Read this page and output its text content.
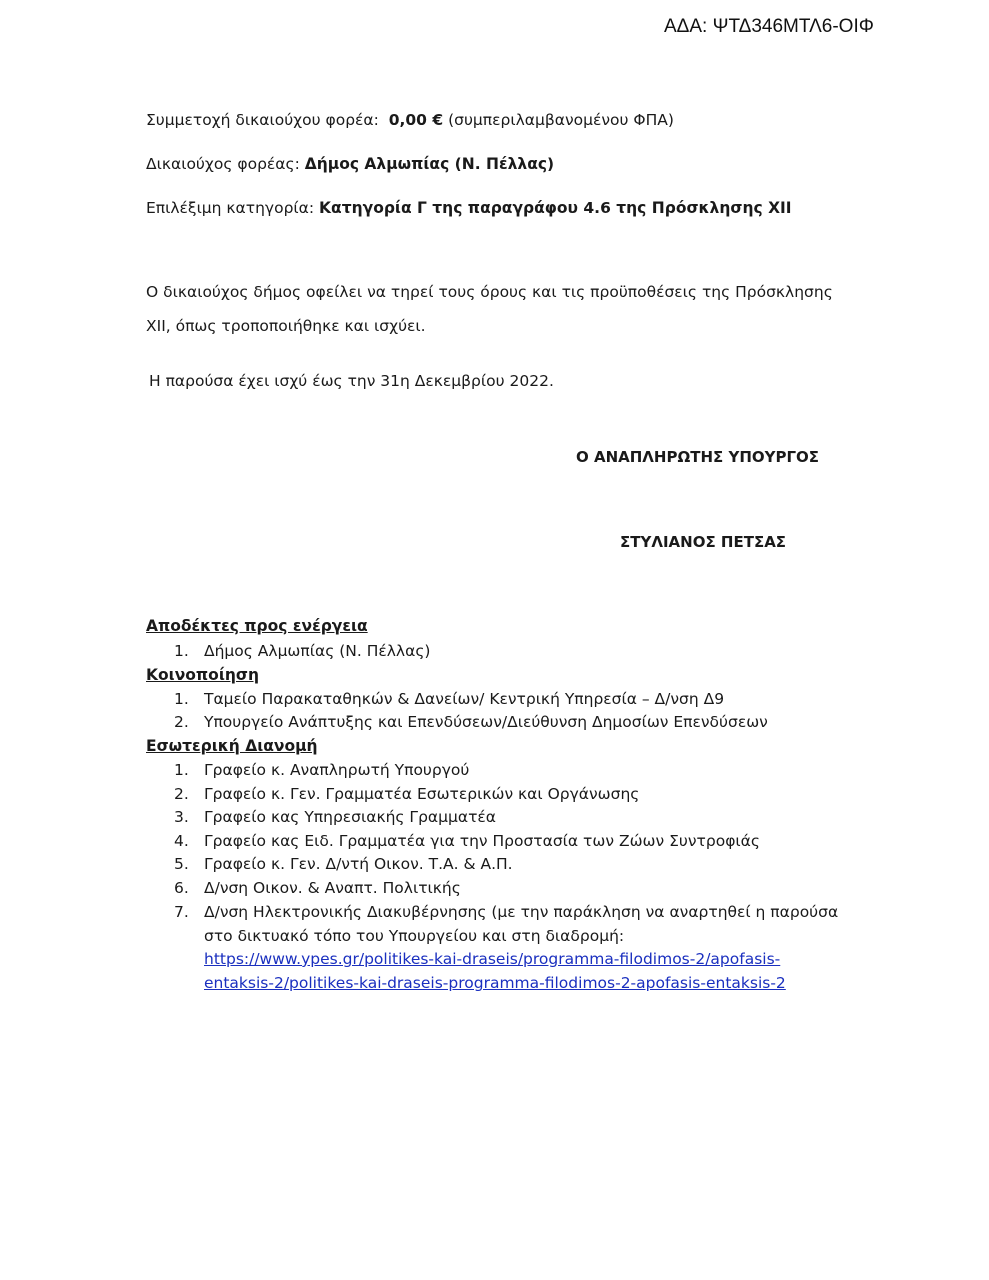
ΑΔΑ: ΨΤΔ346ΜΤΛ6-ΟΙΦ
Συμμετοχή δικαιούχου φορέα: 0,00 € (συμπεριλαμβανομένου ΦΠΑ)
Δικαιούχος φορέας: Δήμος Αλμωπίας (Ν. Πέλλας)
Επιλέξιμη κατηγορία: Κατηγορία Γ της παραγράφου 4.6 της Πρόσκλησης ΧΙΙ
Ο δικαιούχος δήμος οφείλει να τηρεί τους όρους και τις προϋποθέσεις της Πρόσκλησης
ΧΙΙ, όπως τροποποιήθηκε και ισχύει.
Η παρούσα έχει ισχύ έως την 31η Δεκεμβρίου 2022.
Ο ΑΝΑΠΛΗΡΩΤΗΣ ΥΠΟΥΡΓΟΣ
ΣΤΥΛΙΑΝΟΣ ΠΕΤΣΑΣ
Αποδέκτες προς ενέργεια
1. Δήμος Αλμωπίας (Ν. Πέλλας)
Κοινοποίηση
1. Ταμείο Παρακαταθηκών & Δανείων/ Κεντρική Υπηρεσία – Δ/νση Δ9
2. Υπουργείο Ανάπτυξης και Επενδύσεων/Διεύθυνση Δημοσίων Επενδύσεων
Εσωτερική Διανομή
1. Γραφείο κ. Αναπληρωτή Υπουργού
2. Γραφείο κ. Γεν. Γραμματέα Εσωτερικών και Οργάνωσης
3. Γραφείο κας Υπηρεσιακής Γραμματέα
4. Γραφείο κας Ειδ. Γραμματέα για την Προστασία των Ζώων Συντροφιάς
5. Γραφείο κ. Γεν. Δ/ντή Οικον. Τ.Α. & Α.Π.
6. Δ/νση Οικον. & Αναπτ. Πολιτικής
7. Δ/νση Ηλεκτρονικής Διακυβέρνησης (με την παράκληση να αναρτηθεί η παρούσα
στο δικτυακό τόπο του Υπουργείου και στη διαδρομή:
https://www.ypes.gr/politikes-kai-draseis/programma-filodimos-2/apofasis-
entaksis-2/politikes-kai-draseis-programma-filodimos-2-apofasis-entaksis-2
